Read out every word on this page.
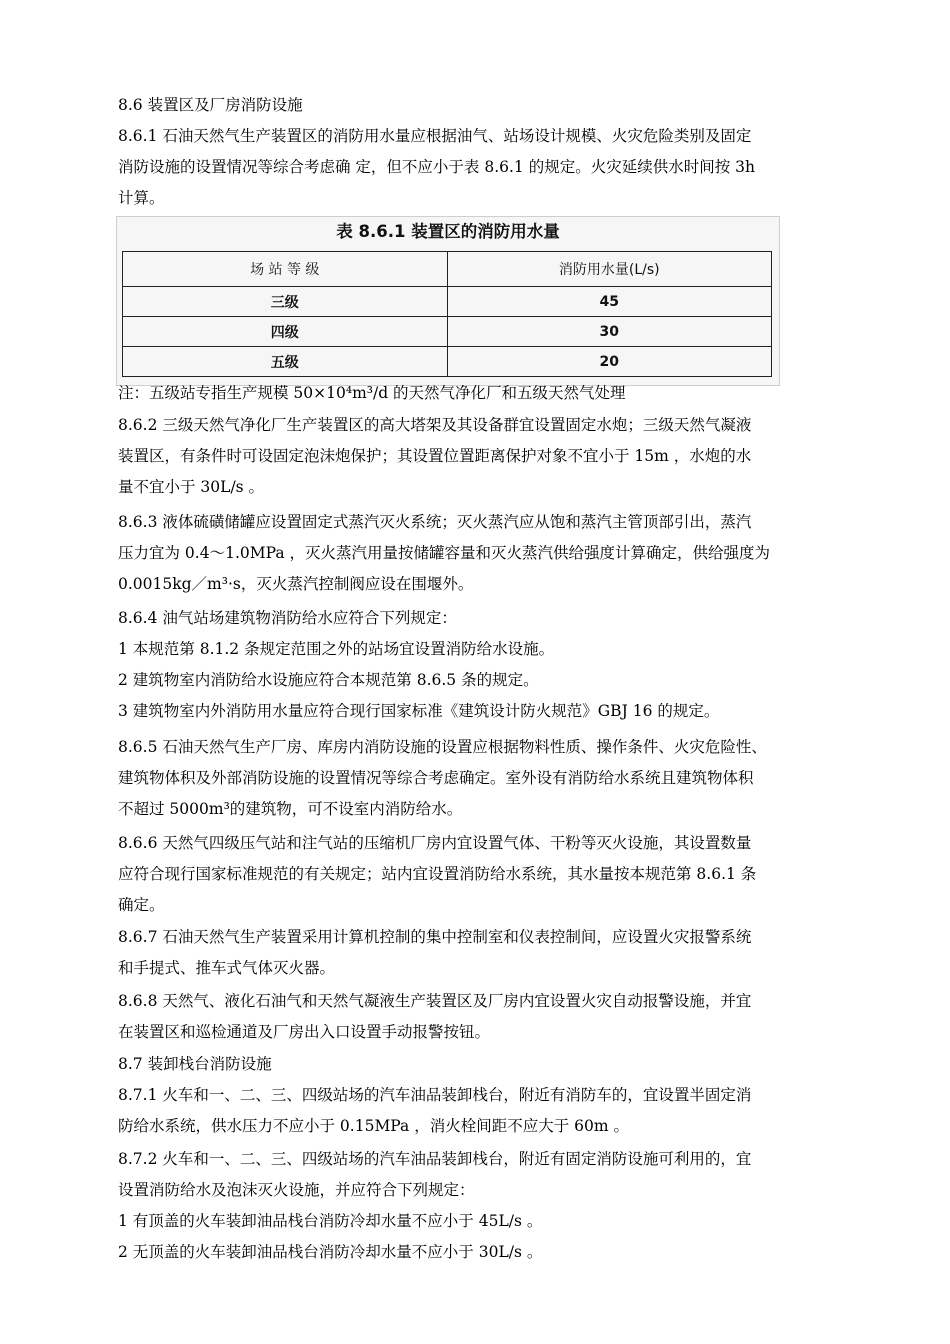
8.6 装置区及厂房消防设施
8.6.1 石油天然气生产装置区的消防用水量应根据油气、站场设计规模、火灾危险类别及固定
消防设施的设置情况等综合考虑确 定，但不应小于表 8.6.1 的规定。火灾延续供水时间按 3h
计算。
表 8.6.1 装置区的消防用水量
场 站 等 级	消防用水量(L/s)
三级	45
四级	30
五级	20
注：五级站专指生产规模 50×10⁴m³/d 的天然气净化厂和五级天然气处理
8.6.2 三级天然气净化厂生产装置区的高大塔架及其设备群宜设置固定水炮；三级天然气凝液
装置区，有条件时可设固定泡沫炮保护；其设置位置距离保护对象不宜小于 15m ，水炮的水
量不宜小于 30L/s 。
8.6.3 液体硫磺储罐应设置固定式蒸汽灭火系统；灭火蒸汽应从饱和蒸汽主管顶部引出，蒸汽
压力宜为 0.4～1.0MPa ，灭火蒸汽用量按储罐容量和灭火蒸汽供给强度计算确定，供给强度为
0.0015kg／m³·s，灭火蒸汽控制阀应设在围堰外。
8.6.4 油气站场建筑物消防给水应符合下列规定：
1 本规范第 8.1.2 条规定范围之外的站场宜设置消防给水设施。
2 建筑物室内消防给水设施应符合本规范第 8.6.5 条的规定。
3 建筑物室内外消防用水量应符合现行国家标准《建筑设计防火规范》GBJ 16 的规定。
8.6.5 石油天然气生产厂房、库房内消防设施的设置应根据物料性质、操作条件、火灾危险性、
建筑物体积及外部消防设施的设置情况等综合考虑确定。室外设有消防给水系统且建筑物体积
不超过 5000m³的建筑物，可不设室内消防给水。
8.6.6 天然气四级压气站和注气站的压缩机厂房内宜设置气体、干粉等灭火设施，其设置数量
应符合现行国家标准规范的有关规定；站内宜设置消防给水系统，其水量按本规范第 8.6.1 条
确定。
8.6.7 石油天然气生产装置采用计算机控制的集中控制室和仪表控制间，应设置火灾报警系统
和手提式、推车式气体灭火器。
8.6.8 天然气、液化石油气和天然气凝液生产装置区及厂房内宜设置火灾自动报警设施，并宜
在装置区和巡检通道及厂房出入口设置手动报警按钮。
8.7 装卸栈台消防设施
8.7.1 火车和一、二、三、四级站场的汽车油品装卸栈台，附近有消防车的，宜设置半固定消
防给水系统，供水压力不应小于 0.15MPa ，消火栓间距不应大于 60m 。
8.7.2 火车和一、二、三、四级站场的汽车油品装卸栈台，附近有固定消防设施可利用的，宜
设置消防给水及泡沫灭火设施，并应符合下列规定：
1 有顶盖的火车装卸油品栈台消防冷却水量不应小于 45L/s 。
2 无顶盖的火车装卸油品栈台消防冷却水量不应小于 30L/s 。
